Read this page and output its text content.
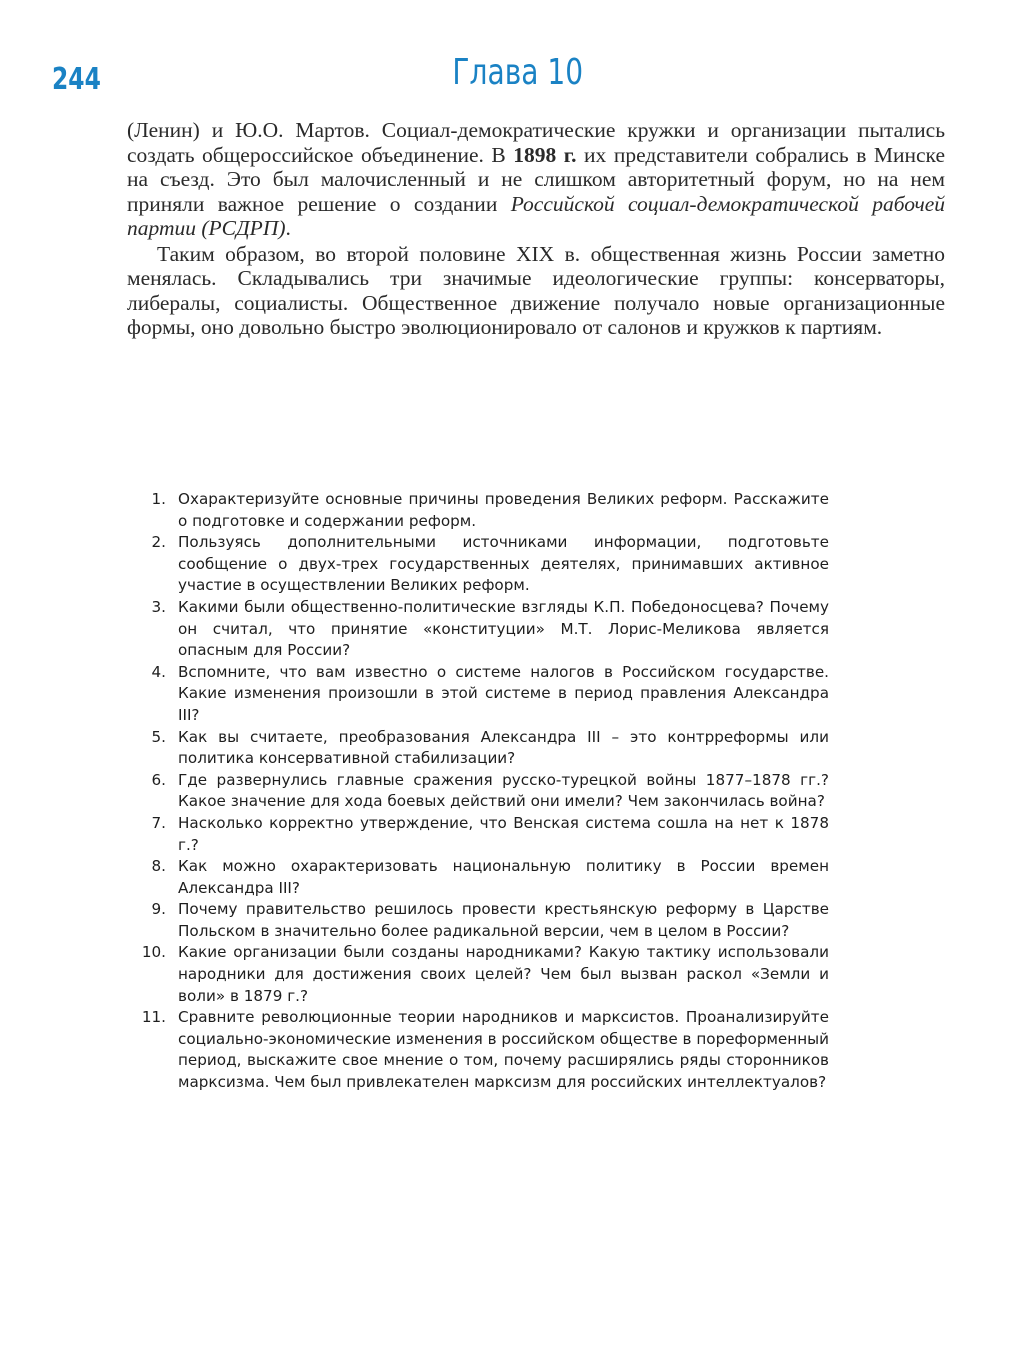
244	Глава 10

(Ленин) и Ю.О. Мартов. Социал-демократические кружки и организации пытались создать общероссийское объединение. В 1898 г. их представители собрались в Минске на съезд. Это был малочисленный и не слишком авторитетный форум, но на нем приняли важное решение о создании Российской социал-демократической рабочей партии (РСДРП).

Таким образом, во второй половине XIX в. общественная жизнь России заметно менялась. Складывались три значимые идеологические группы: консерваторы, либералы, социалисты. Общественное движение получало новые организационные формы, оно довольно быстро эволюционировало от салонов и кружков к партиям.

1. Охарактеризуйте основные причины проведения Великих реформ. Расскажите о подготовке и содержании реформ.
2. Пользуясь дополнительными источниками информации, подготовьте сообщение о двух-трех государственных деятелях, принимавших активное участие в осуществлении Великих реформ.
3. Какими были общественно-политические взгляды К.П. Победоносцева? Почему он считал, что принятие «конституции» М.Т. Лорис-Меликова является опасным для России?
4. Вспомните, что вам известно о системе налогов в Российском государстве. Какие изменения произошли в этой системе в период правления Александра III?
5. Как вы считаете, преобразования Александра III – это контрреформы или политика консервативной стабилизации?
6. Где развернулись главные сражения русско-турецкой войны 1877–1878 гг.? Какое значение для хода боевых действий они имели? Чем закончилась война?
7. Насколько корректно утверждение, что Венская система сошла на нет к 1878 г.?
8. Как можно охарактеризовать национальную политику в России времен Александра III?
9. Почему правительство решилось провести крестьянскую реформу в Царстве Польском в значительно более радикальной версии, чем в целом в России?
10. Какие организации были созданы народниками? Какую тактику использовали народники для достижения своих целей? Чем был вызван раскол «Земли и воли» в 1879 г.?
11. Сравните революционные теории народников и марксистов. Проанализируйте социально-экономические изменения в российском обществе в пореформенный период, выскажите свое мнение о том, почему расширялись ряды сторонников марксизма. Чем был привлекателен марксизм для российских интеллектуалов?
